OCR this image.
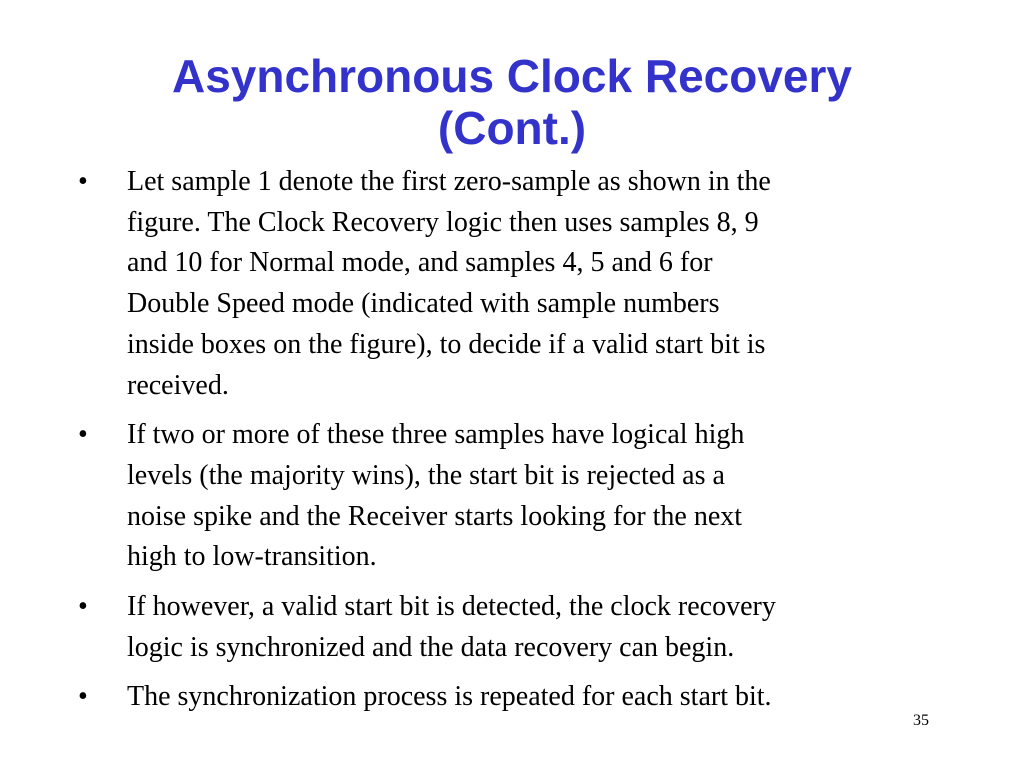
Asynchronous Clock Recovery
(Cont.)
• Let sample 1 denote the first zero-sample as shown in the
figure. The Clock Recovery logic then uses samples 8, 9
and 10 for Normal mode, and samples 4, 5 and 6 for
Double Speed mode (indicated with sample numbers
inside boxes on the figure), to decide if a valid start bit is
received.
• If two or more of these three samples have logical high
levels (the majority wins), the start bit is rejected as a
noise spike and the Receiver starts looking for the next
high to low-transition.
• If however, a valid start bit is detected, the clock recovery
logic is synchronized and the data recovery can begin.
• The synchronization process is repeated for each start bit.
35
